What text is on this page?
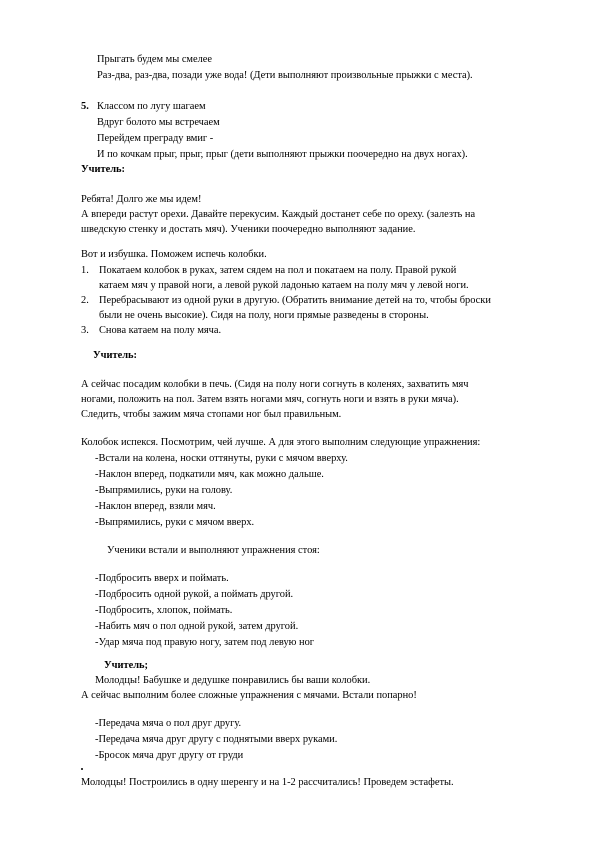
Прыгать будем мы смелее
Раз-два, раз-два, позади уже вода! (Дети выполняют произвольные прыжки с места).
5. Классом по лугу шагаем
Вдруг болото мы встречаем
Перейдем преграду вмиг -
И по кочкам прыг, прыг, прыг (дети выполняют прыжки поочередно на двух ногах).
Учитель:
Ребята! Долго же мы идем!
А впереди растут орехи. Давайте перекусим. Каждый достанет себе по ореху. (залезть на
шведскую стенку и достать мяч). Ученики поочередно выполняют задание.
Вот и избушка. Поможем испечь колобки.
1. Покатаем колобок в руках, затем сядем на пол и покатаем на полу. Правой рукой
катаем мяч у правой ноги, а левой рукой ладонью катаем на полу мяч у левой ноги.
2. Перебрасывают из одной руки в другую. (Обратить внимание детей на то, чтобы броски
были не очень высокие). Сидя на полу, ноги прямые разведены в стороны.
3. Снова катаем на полу мяча.
Учитель:
А сейчас посадим колобки в печь. (Сидя на полу ноги согнуть в коленях, захватить мяч
ногами, положить на пол. Затем взять ногами мяч, согнуть ноги и взять в руки мяча).
Следить, чтобы зажим мяча стопами ног был правильным.
Колобок испекся. Посмотрим, чей лучше. А для этого выполним следующие упражнения:
-Встали на колена, носки оттянуты, руки с мячом вверху.
-Наклон вперед, подкатили мяч, как можно дальше.
-Выпрямились, руки на голову.
-Наклон вперед, взяли мяч.
-Выпрямились, руки с мячом вверх.
Ученики встали и выполняют упражнения стоя:
-Подбросить вверх и поймать.
-Подбросить одной рукой, а поймать другой.
-Подбросить, хлопок, поймать.
-Набить мяч о пол одной рукой, затем другой.
-Удар мяча под правую ногу, затем под левую ног
Учитель;
Молодцы! Бабушке и дедушке понравились бы ваши колобки.
А сейчас выполним более сложные упражнения с мячами. Встали попарно!
-Передача мяча о пол друг другу.
-Передача мяча друг другу с поднятыми вверх руками.
-Бросок мяча друг другу от груди
Молодцы! Построились в одну шеренгу и на 1-2 рассчитались! Проведем эстафеты.
